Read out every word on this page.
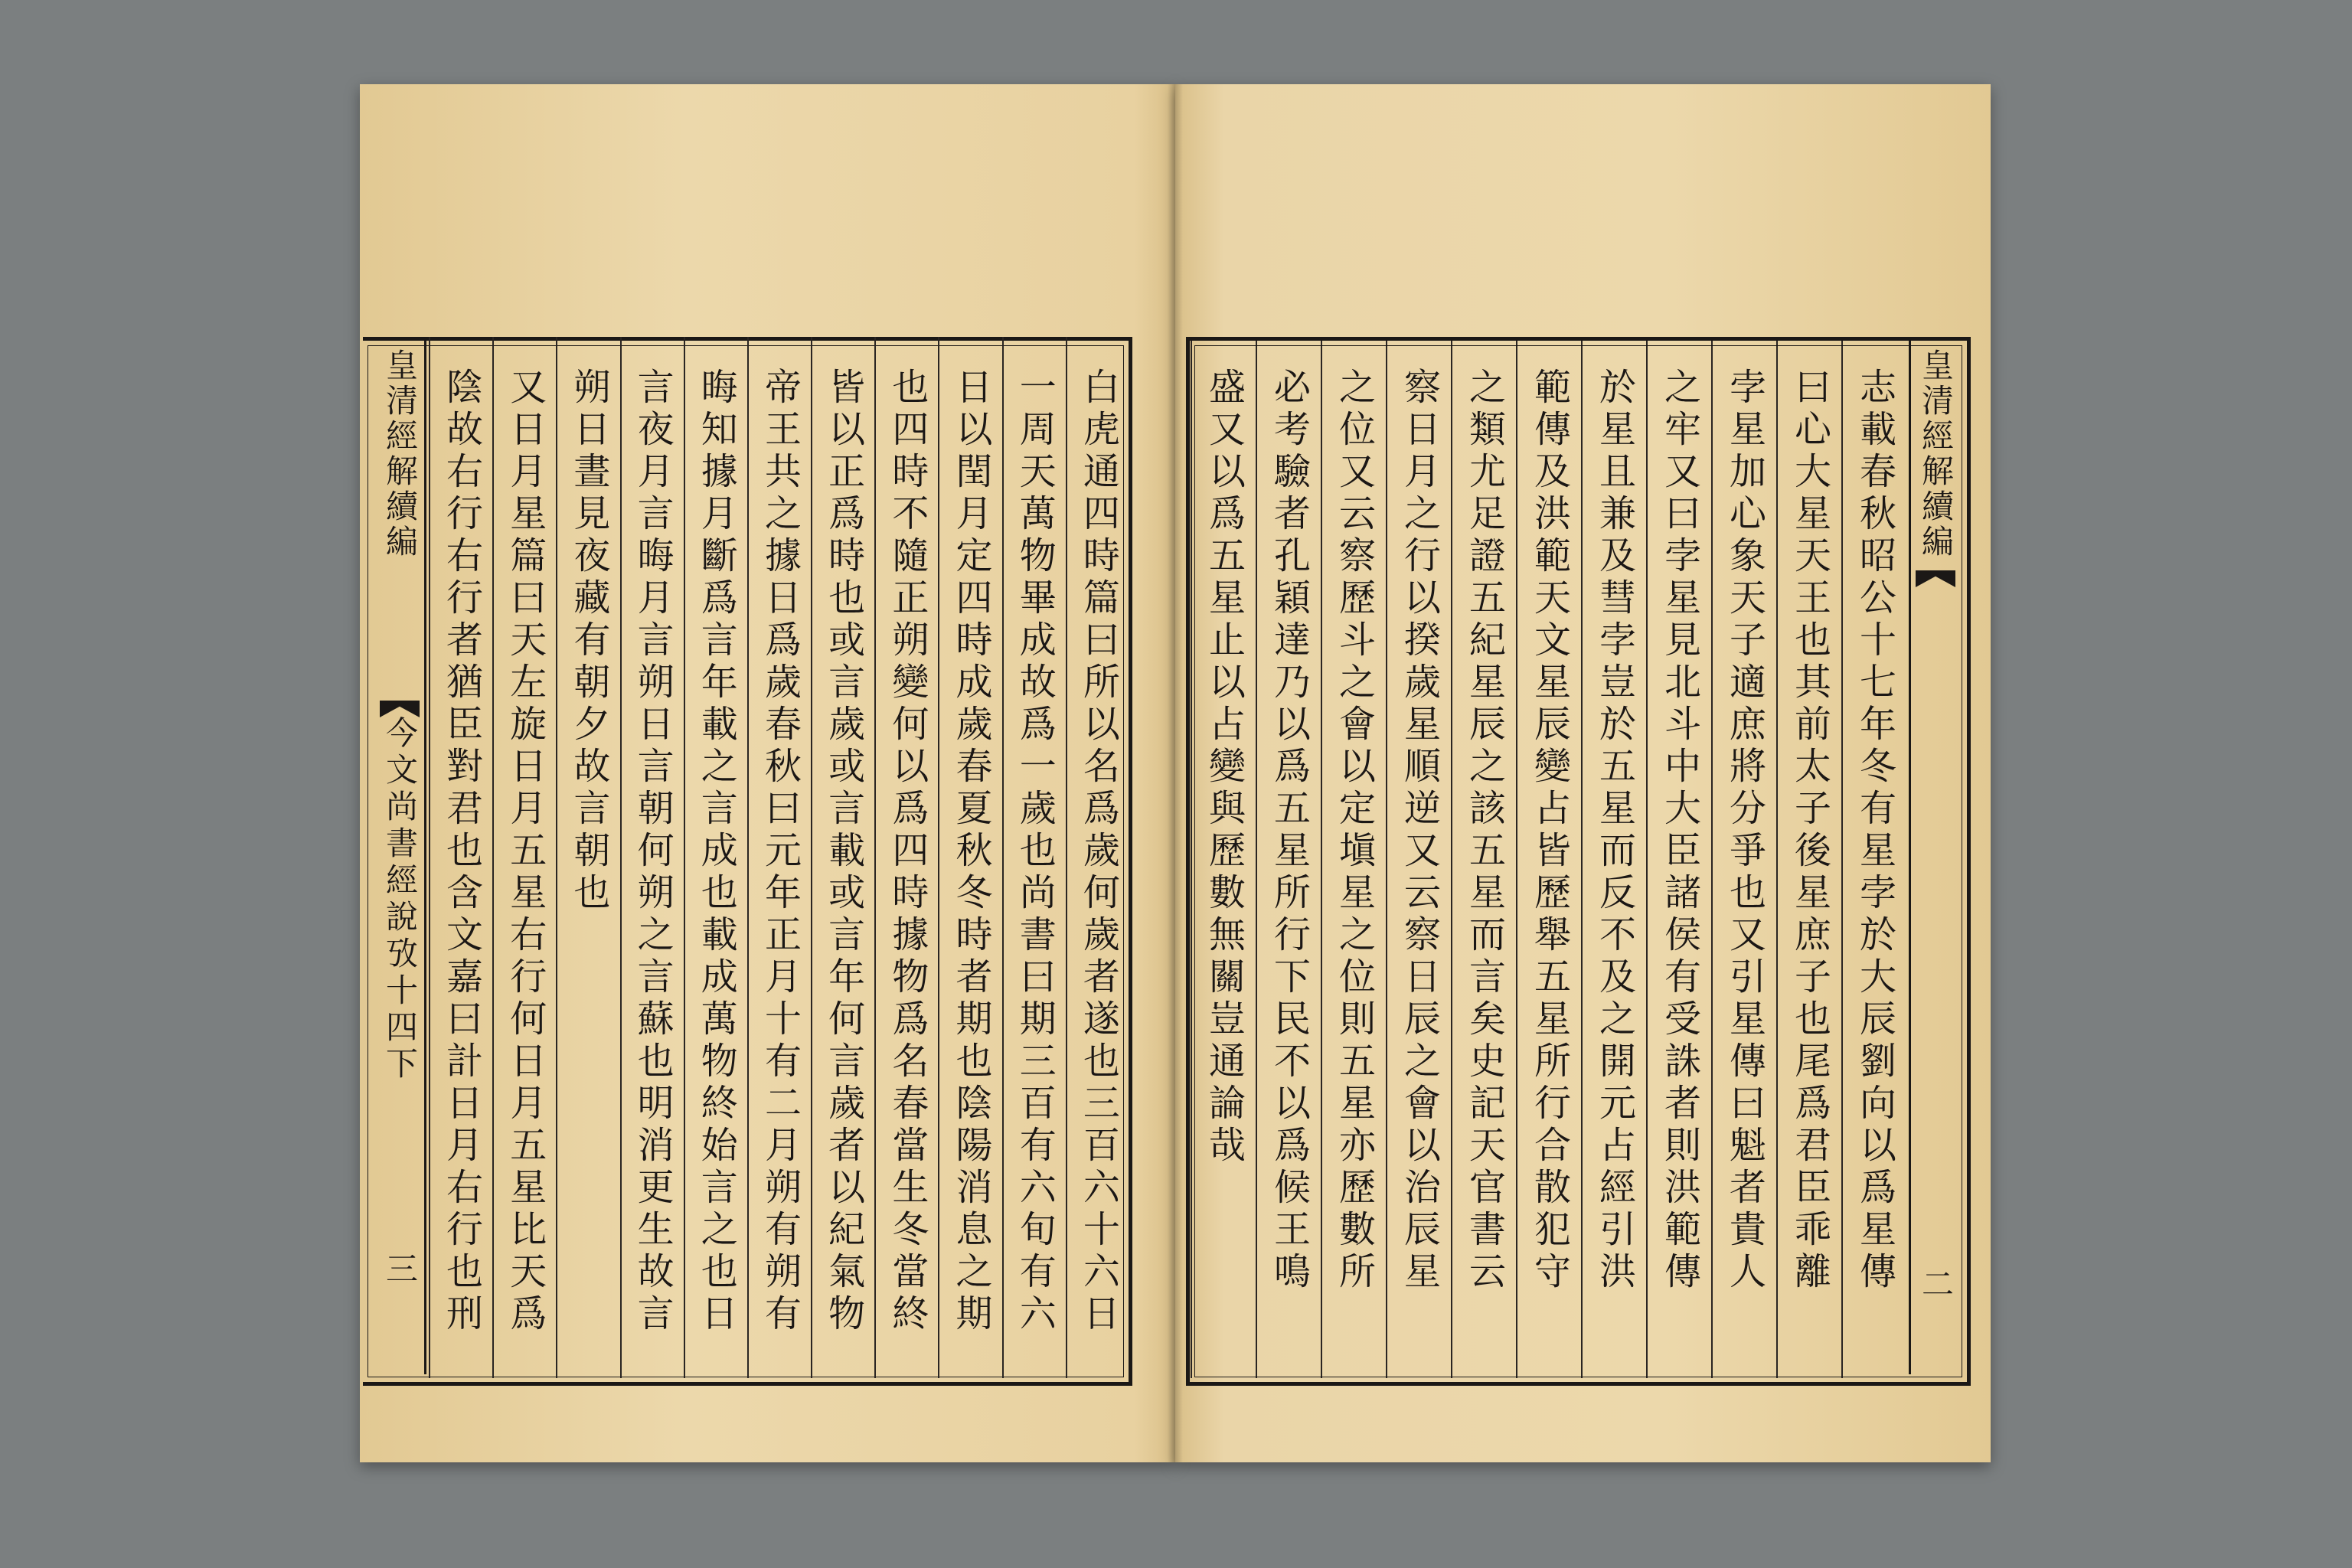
皇清經解續編
今文尚書經說攷十四下
三	白虎通四時篇曰所以名爲歲何歲者遂也三百六十六日
一周天萬物畢成故爲一歲也尚書曰期三百有六旬有六
日以閏月定四時成歲春夏秋冬時者期也陰陽消息之期
也四時不隨正朔變何以爲四時據物爲名春當生冬當終
皆以正爲時也或言歲或言載或言年何言歲者以紀氣物
帝王共之據日爲歲春秋曰元年正月十有二月朔有朔有
晦知據月斷爲言年載之言成也載成萬物終始言之也日
言夜月言晦月言朔日言朝何朔之言蘇也明消更生故言
朔日晝見夜藏有朝夕故言朝也
又日月星篇曰天左旋日月五星右行何日月五星比天爲
陰故右行右行者猶臣對君也含文嘉曰計日月右行也刑	志載春秋昭公十七年冬有星孛於大辰劉向以爲星傳
曰心大星天王也其前太子後星庶子也尾爲君臣乖離
孛星加心象天子適庶將分爭也又引星傳曰魁者貴人
之牢又曰孛星見北斗中大臣諸侯有受誅者則洪範傳
於星且兼及彗孛豈於五星而反不及之開元占經引洪
範傳及洪範天文星辰變占皆歷舉五星所行合散犯守
之類尤足證五紀星辰之該五星而言矣史記天官書云
察日月之行以揆歲星順逆又云察日辰之會以治辰星
之位又云察歷斗之會以定塡星之位則五星亦歷數所
必考驗者孔穎達乃以爲五星所行下民不以爲候王鳴
盛又以爲五星止以占變與歷數無關豈通論哉	皇清經解續編
二
